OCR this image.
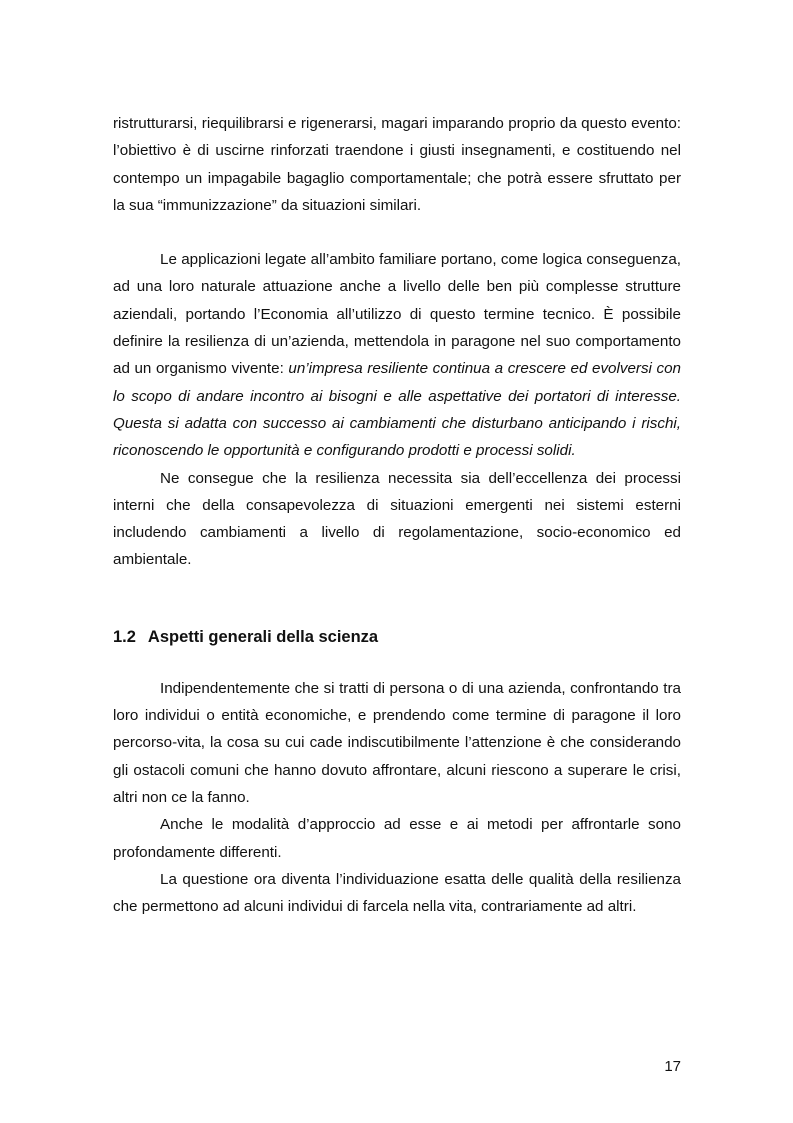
ristrutturarsi, riequilibrarsi e rigenerarsi, magari imparando proprio da questo evento: l’obiettivo è di uscirne rinforzati traendone i giusti insegnamenti, e costituendo nel contempo un impagabile bagaglio comportamentale; che potrà essere sfruttato per la sua “immunizzazione” da situazioni similari.

Le applicazioni legate all’ambito familiare portano, come logica conseguenza, ad una loro naturale attuazione anche a livello delle ben più complesse strutture aziendali, portando l’Economia all’utilizzo di questo termine tecnico. È possibile definire la resilienza di un’azienda, mettendola in paragone nel suo comportamento ad un organismo vivente: un’impresa resiliente continua a crescere ed evolversi con lo scopo di andare incontro ai bisogni e alle aspettative dei portatori di interesse. Questa si adatta con successo ai cambiamenti che disturbano anticipando i rischi, riconoscendo le opportunità e configurando prodotti e processi solidi.

Ne consegue che la resilienza necessita sia dell’eccellenza dei processi interni che della consapevolezza di situazioni emergenti nei sistemi esterni includendo cambiamenti a livello di regolamentazione, socio-economico ed ambientale.

1.2 Aspetti generali della scienza

Indipendentemente che si tratti di persona o di una azienda, confrontando tra loro individui o entità economiche, e prendendo come termine di paragone il loro percorso-vita, la cosa su cui cade indiscutibilmente l’attenzione è che considerando gli ostacoli comuni che hanno dovuto affrontare, alcuni riescono a superare le crisi, altri non ce la fanno.

Anche le modalità d’approccio ad esse e ai metodi per affrontarle sono profondamente differenti.

La questione ora diventa l’individuazione esatta delle qualità della resilienza che permettono ad alcuni individui di farcela nella vita, contrariamente ad altri.

17
